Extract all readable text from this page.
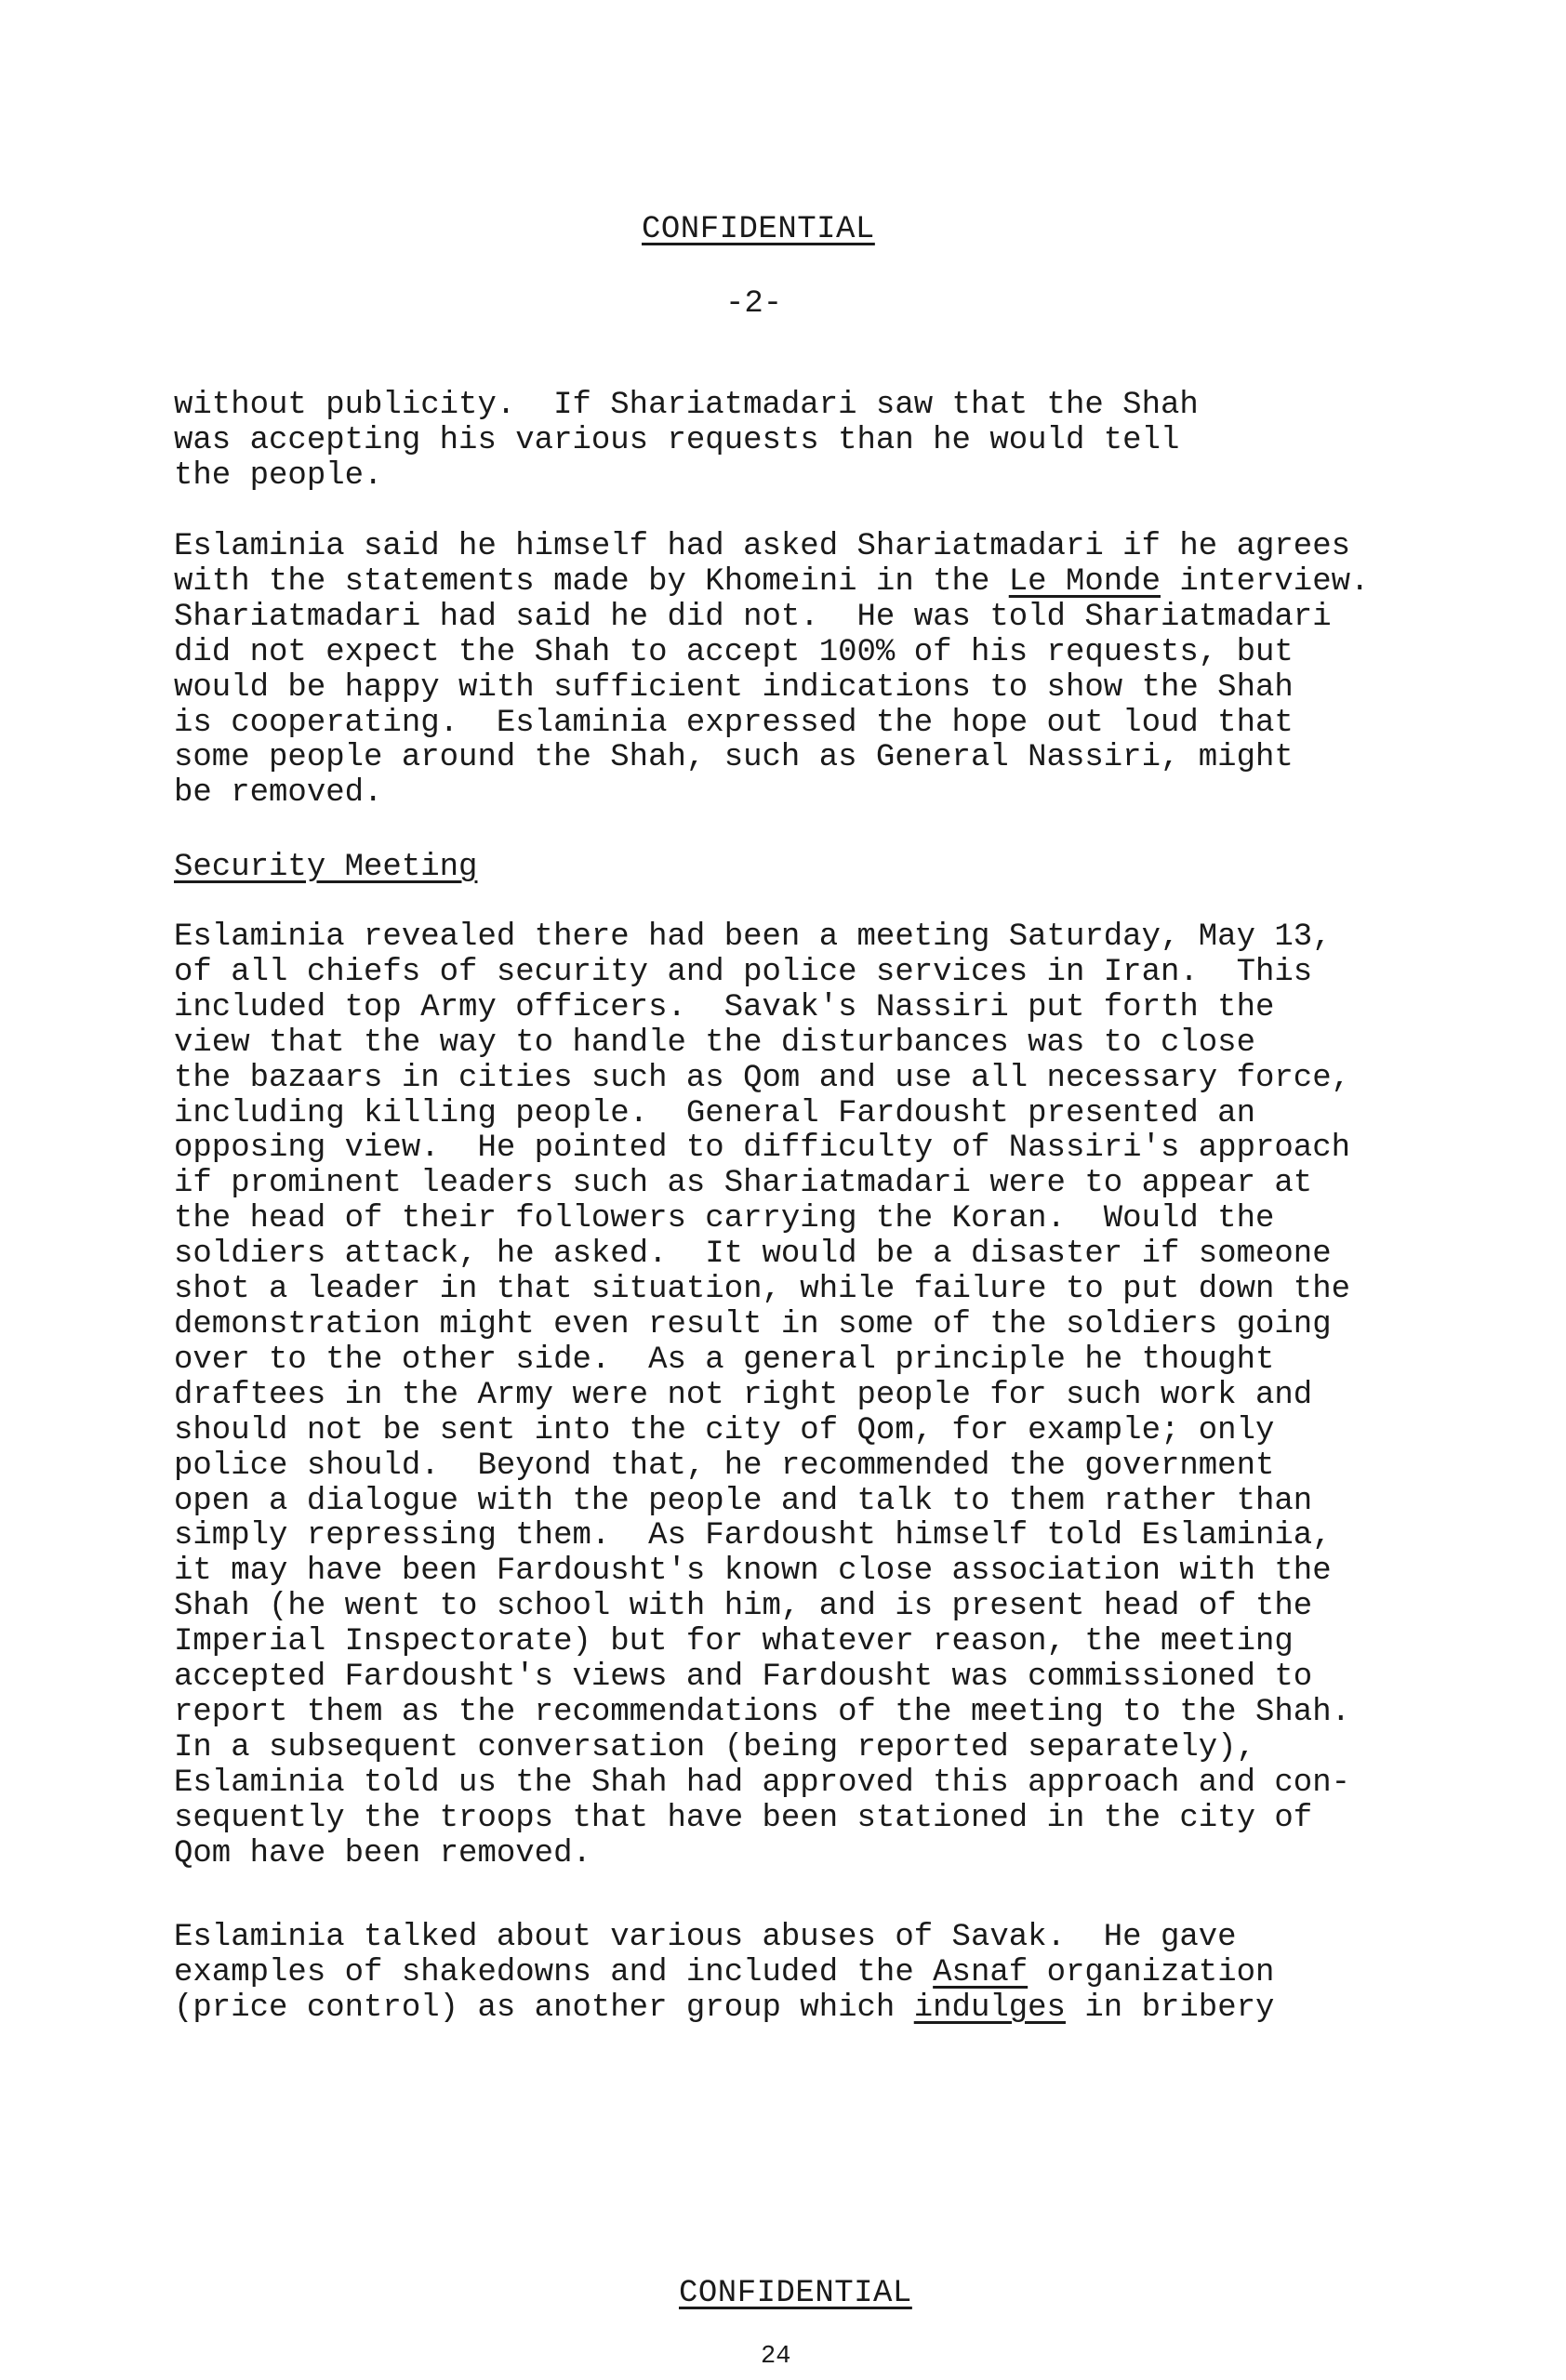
CONFIDENTIAL
-2-
without publicity.  If Shariatmadari saw that the Shah
was accepting his various requests than he would tell
the people.
Eslaminia said he himself had asked Shariatmadari if he agrees
with the statements made by Khomeini in the Le Monde interview.
Shariatmadari had said he did not.  He was told Shariatmadari
did not expect the Shah to accept 100% of his requests, but
would be happy with sufficient indications to show the Shah
is cooperating.  Eslaminia expressed the hope out loud that
some people around the Shah, such as General Nassiri, might
be removed.
Security Meeting
Eslaminia revealed there had been a meeting Saturday, May 13,
of all chiefs of security and police services in Iran.  This
included top Army officers.  Savak's Nassiri put forth the
view that the way to handle the disturbances was to close
the bazaars in cities such as Qom and use all necessary force,
including killing people.  General Fardousht presented an
opposing view.  He pointed to difficulty of Nassiri's approach
if prominent leaders such as Shariatmadari were to appear at
the head of their followers carrying the Koran.  Would the
soldiers attack, he asked.  It would be a disaster if someone
shot a leader in that situation, while failure to put down the
demonstration might even result in some of the soldiers going
over to the other side.  As a general principle he thought
draftees in the Army were not right people for such work and
should not be sent into the city of Qom, for example; only
police should.  Beyond that, he recommended the government
open a dialogue with the people and talk to them rather than
simply repressing them.  As Fardousht himself told Eslaminia,
it may have been Fardousht's known close association with the
Shah (he went to school with him, and is present head of the
Imperial Inspectorate) but for whatever reason, the meeting
accepted Fardousht's views and Fardousht was commissioned to
report them as the recommendations of the meeting to the Shah.
In a subsequent conversation (being reported separately),
Eslaminia told us the Shah had approved this approach and con-
sequently the troops that have been stationed in the city of
Qom have been removed.
Eslaminia talked about various abuses of Savak.  He gave
examples of shakedowns and included the Asnaf organization
(price control) as another group which indulges in bribery
CONFIDENTIAL
24
